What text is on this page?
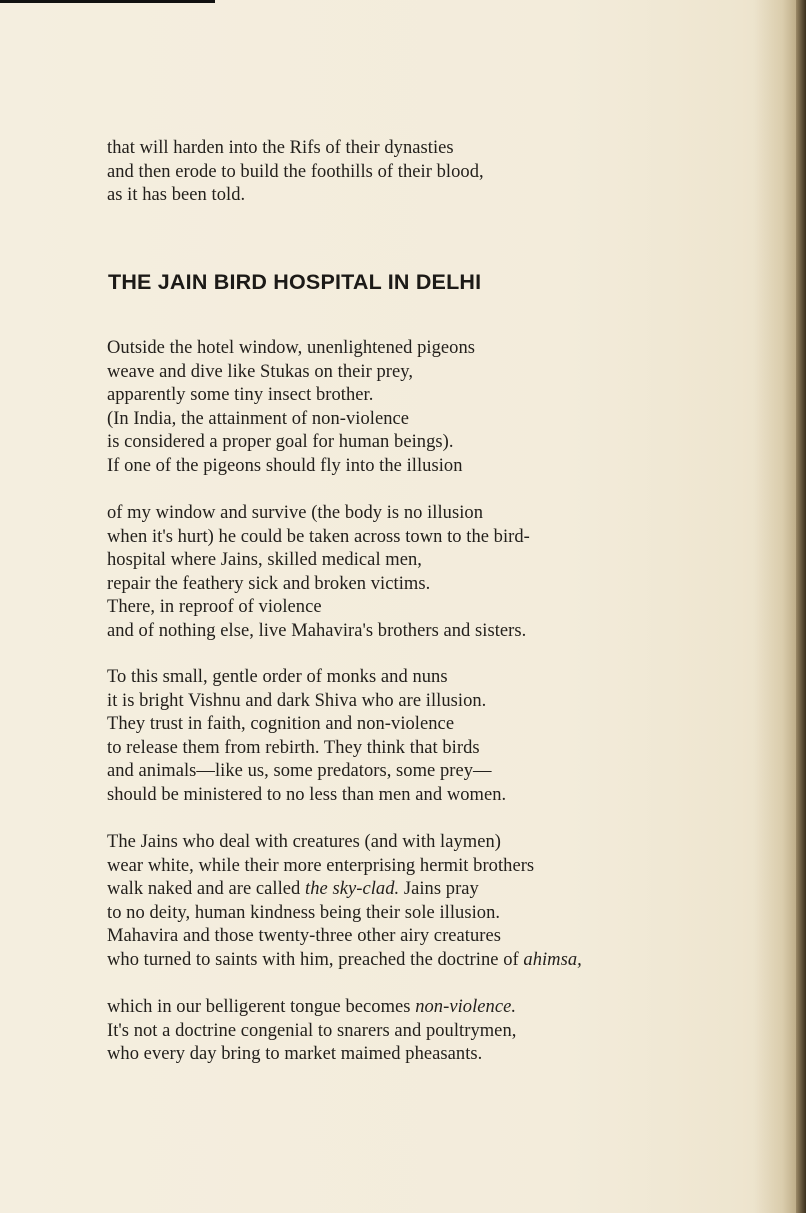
that will harden into the Rifs of their dynasties
and then erode to build the foothills of their blood,
as it has been told.
THE JAIN BIRD HOSPITAL IN DELHI
Outside the hotel window, unenlightened pigeons
weave and dive like Stukas on their prey,
apparently some tiny insect brother.
(In India, the attainment of non-violence
is considered a proper goal for human beings).
If one of the pigeons should fly into the illusion
of my window and survive (the body is no illusion
when it's hurt) he could be taken across town to the bird-
hospital where Jains, skilled medical men,
repair the feathery sick and broken victims.
There, in reproof of violence
and of nothing else, live Mahavira's brothers and sisters.
To this small, gentle order of monks and nuns
it is bright Vishnu and dark Shiva who are illusion.
They trust in faith, cognition and non-violence
to release them from rebirth. They think that birds
and animals—like us, some predators, some prey—
should be ministered to no less than men and women.
The Jains who deal with creatures (and with laymen)
wear white, while their more enterprising hermit brothers
walk naked and are called the sky-clad. Jains pray
to no deity, human kindness being their sole illusion.
Mahavira and those twenty-three other airy creatures
who turned to saints with him, preached the doctrine of ahimsa,
which in our belligerent tongue becomes non-violence.
It's not a doctrine congenial to snarers and poultrymen,
who every day bring to market maimed pheasants.
